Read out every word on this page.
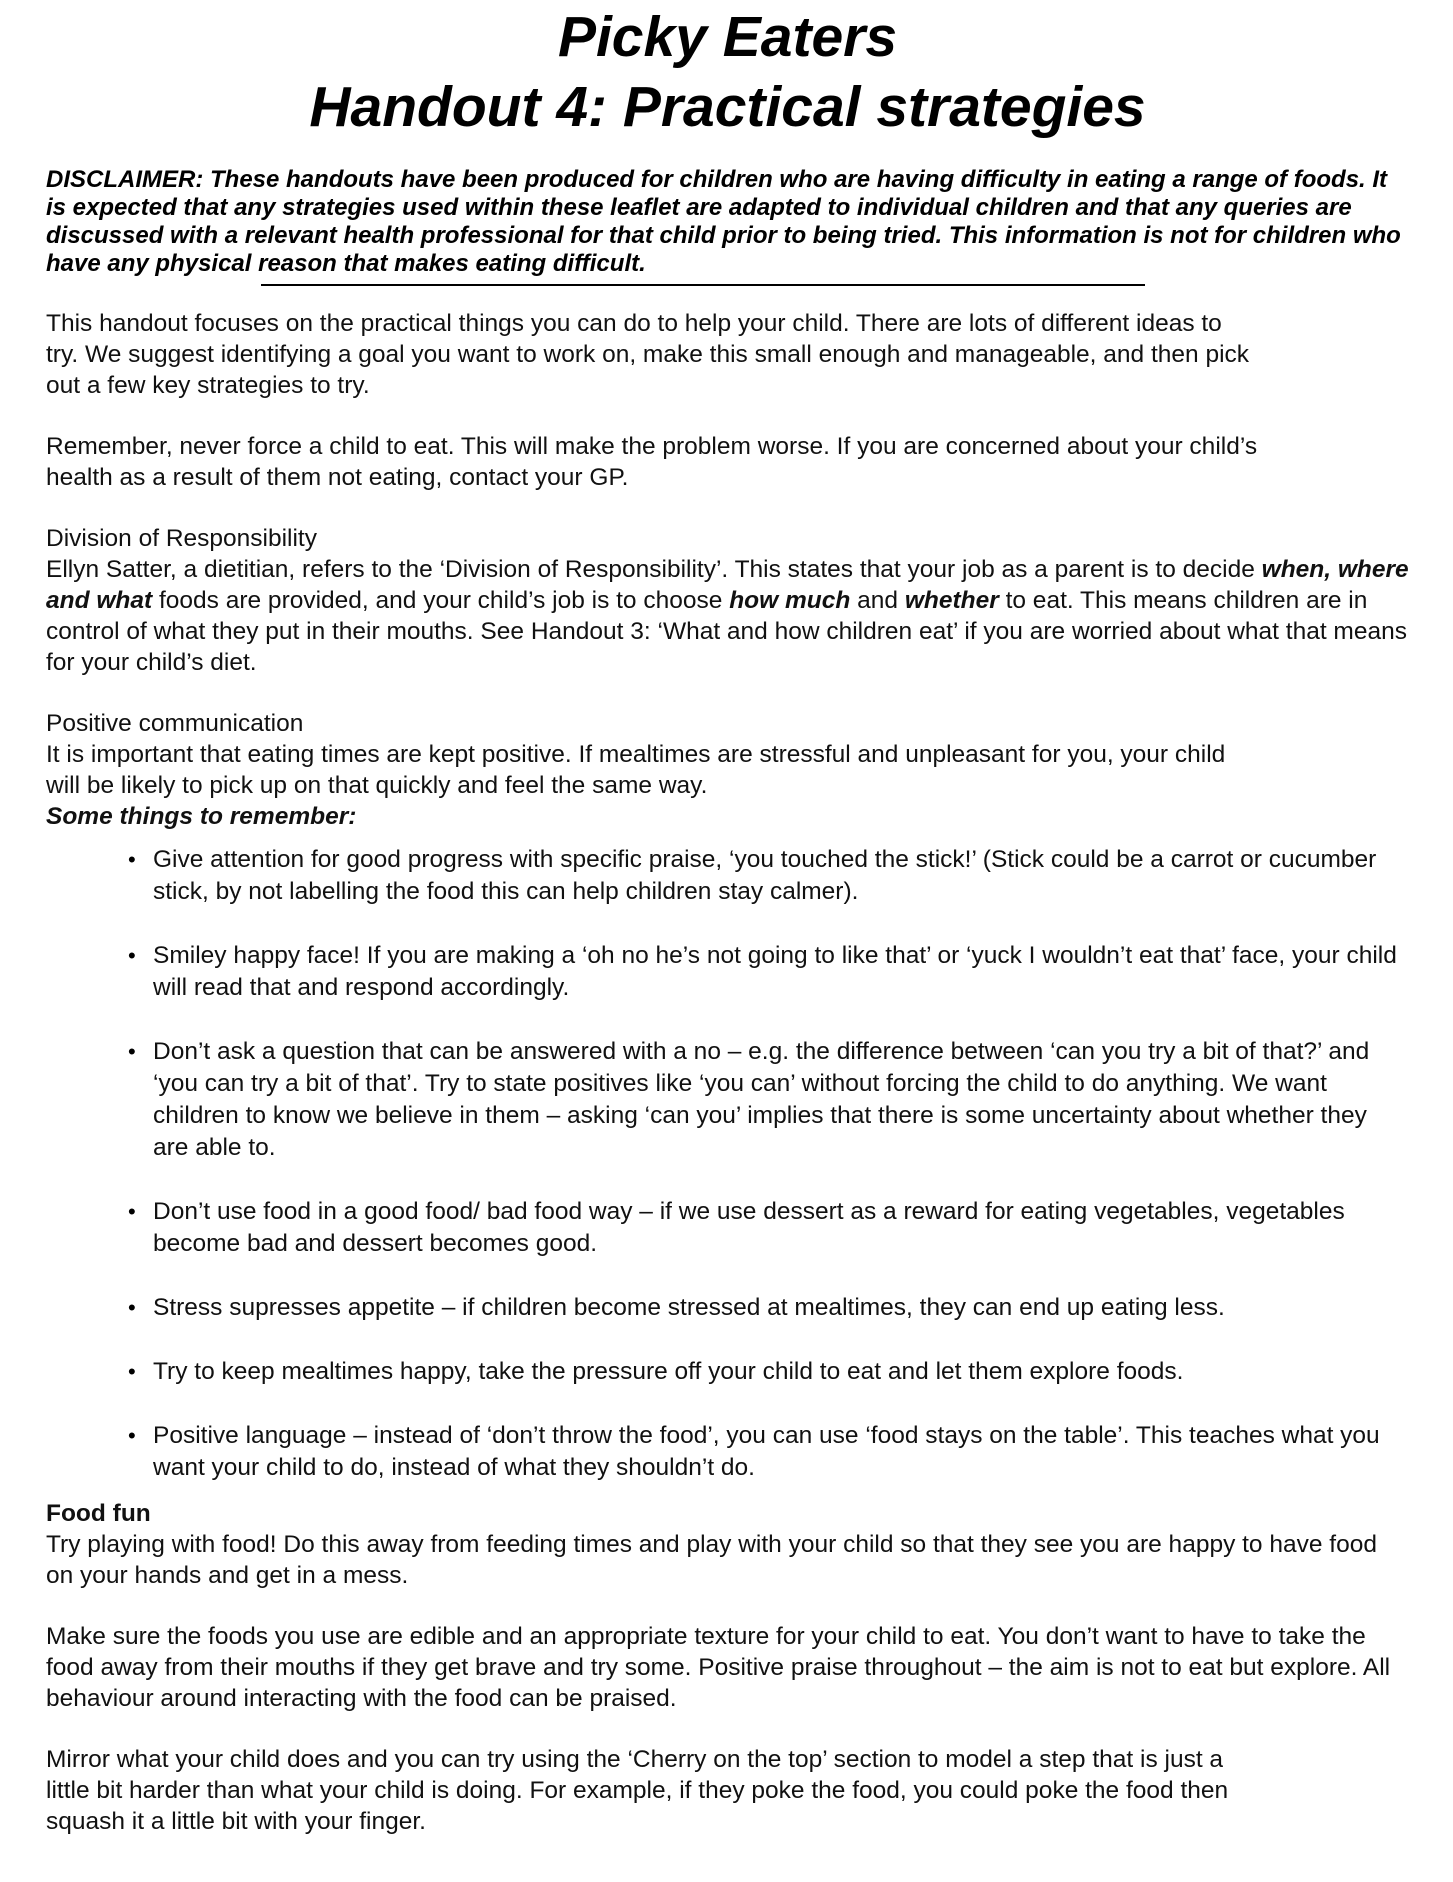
Picky Eaters
Handout 4: Practical strategies

DISCLAIMER: These handouts have been produced for children who are having difficulty in eating a range of foods. It is expected that any strategies used within these leaflet are adapted to individual children and that any queries are discussed with a relevant health professional for that child prior to being tried. This information is not for children who have any physical reason that makes eating difficult.

This handout focuses on the practical things you can do to help your child. There are lots of different ideas to try. We suggest identifying a goal you want to work on, make this small enough and manageable, and then pick out a few key strategies to try.

Remember, never force a child to eat. This will make the problem worse. If you are concerned about your child’s health as a result of them not eating, contact your GP.

Division of Responsibility

Ellyn Satter, a dietitian, refers to the ‘Division of Responsibility’. This states that your job as a parent is to decide when, where and what foods are provided, and your child’s job is to choose how much and whether to eat. This means children are in control of what they put in their mouths. See Handout 3: ‘What and how children eat’ if you are worried about what that means for your child’s diet.

Positive communication

It is important that eating times are kept positive. If mealtimes are stressful and unpleasant for you, your child will be likely to pick up on that quickly and feel the same way.

Some things to remember:

• Give attention for good progress with specific praise, ‘you touched the stick!’ (Stick could be a carrot or cucumber stick, by not labelling the food this can help children stay calmer).
• Smiley happy face! If you are making a ‘oh no he’s not going to like that’ or ‘yuck I wouldn’t eat that’ face, your child will read that and respond accordingly.
• Don’t ask a question that can be answered with a no – e.g. the difference between ‘can you try a bit of that?’ and ‘you can try a bit of that’. Try to state positives like ‘you can’ without forcing the child to do anything. We want children to know we believe in them – asking ‘can you’ implies that there is some uncertainty about whether they are able to.
• Don’t use food in a good food/ bad food way – if we use dessert as a reward for eating vegetables, vegetables become bad and dessert becomes good.
• Stress supresses appetite – if children become stressed at mealtimes, they can end up eating less.
• Try to keep mealtimes happy, take the pressure off your child to eat and let them explore foods.
• Positive language – instead of ‘don’t throw the food’, you can use ‘food stays on the table’. This teaches what you want your child to do, instead of what they shouldn’t do.

Food fun

Try playing with food! Do this away from feeding times and play with your child so that they see you are happy to have food on your hands and get in a mess.

Make sure the foods you use are edible and an appropriate texture for your child to eat. You don’t want to have to take the food away from their mouths if they get brave and try some. Positive praise throughout – the aim is not to eat but explore. All behaviour around interacting with the food can be praised.

Mirror what your child does and you can try using the ‘Cherry on the top’ section to model a step that is just a little bit harder than what your child is doing. For example, if they poke the food, you could poke the food then squash it a little bit with your finger.
